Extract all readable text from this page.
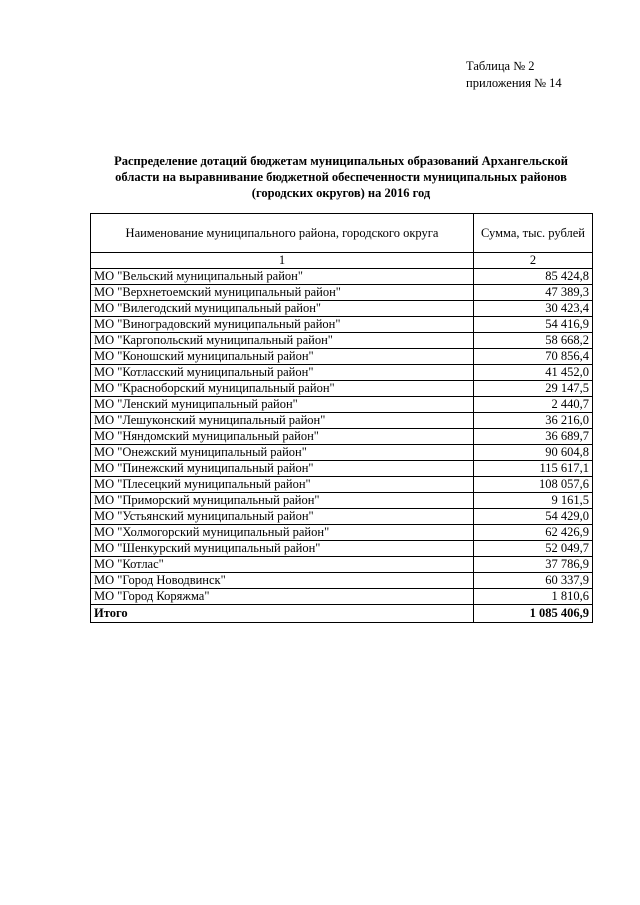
Таблица № 2
приложения № 14
Распределение дотаций бюджетам муниципальных образований Архангельской
области на выравнивание бюджетной обеспеченности муниципальных районов
(городских округов) на 2016 год
Наименование муниципального района, городского округа	Сумма, тыс. рублей
1	2
МО "Вельский муниципальный район"	85 424,8
МО "Верхнетоемский муниципальный район"	47 389,3
МО "Вилегодский муниципальный район"	30 423,4
МО "Виноградовский муниципальный район"	54 416,9
МО "Каргопольский муниципальный район"	58 668,2
МО "Коношский муниципальный район"	70 856,4
МО "Котласский муниципальный район"	41 452,0
МО "Красноборский муниципальный район"	29 147,5
МО "Ленский муниципальный район"	2 440,7
МО "Лешуконский муниципальный район"	36 216,0
МО "Няндомский муниципальный район"	36 689,7
МО "Онежский муниципальный район"	90 604,8
МО "Пинежский муниципальный район"	115 617,1
МО "Плесецкий муниципальный район"	108 057,6
МО "Приморский муниципальный район"	9 161,5
МО "Устьянский муниципальный район"	54 429,0
МО "Холмогорский муниципальный район"	62 426,9
МО "Шенкурский муниципальный район"	52 049,7
МО "Котлас"	37 786,9
МО "Город Новодвинск"	60 337,9
МО "Город Коряжма"	1 810,6
Итого	1 085 406,9
